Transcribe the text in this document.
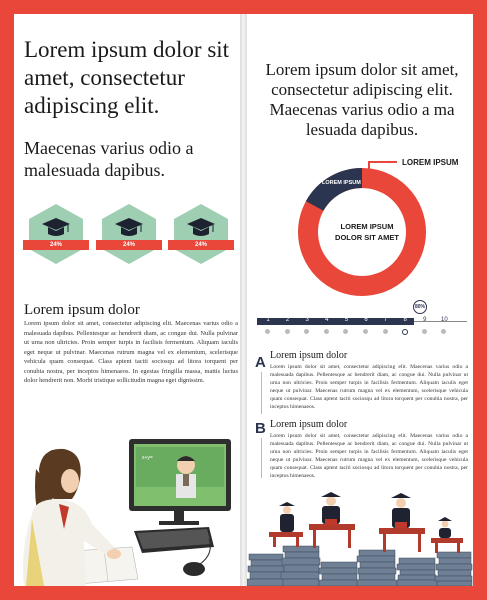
Lorem ipsum dolor sit amet, consectetur adipiscing elit.
Maecenas varius odio a malesuada dapibus.
24%	24%	24%
Lorem ipsum dolor
Lorem ipsum dolor sit amet, consectetur adipiscing elit. Maecenas varius odio a malesuada dapibus. Pellentesque ac hendrerit diam, ac congue dui. Nulla pulvinar ut urna non ultricies. Proin semper turpis in facilisis fermentum. Aliquam iaculis eget neque ut pulvinar. Maecenas rutrum magna vel ex elementum, scelerisque vehicula quam consequat. Class aptent taciti sociosqu ad litora torquent per conubia nostra, per inceptos himenaeos. In egestas fringilla massa, mattis luctus dolor hendrerit non. Morbi tristique sollicitudin magna eget dignissim.
x+y=
Lorem ipsum dolor sit amet, consectetur adipiscing elit. Maecenas varius odio a ma lesuada dapibus.
LOREM IPSUM
LOREM IPSUM
LOREM IPSUM DOLOR SIT AMET
80%
1	2	3	4	5	6	7	8	9	10
A Lorem ipsum dolor
Lorem ipsum dolor sit amet, consectetur adipiscing elit. Maecenas varius odio a malesuada dapibus. Pellentesque ac hendrerit diam, ac congue dui. Nulla pulvinar ut urna non ultricies. Proin semper turpis in facilisis fermentum. Aliquam iaculis eget neque ut pulvinar. Maecenas rutrum magna vel ex elementum, scelerisque vehicula quam consequat. Class aptent taciti sociosqu ad litora torquent per conubia nostra, per inceptos himenaeos.
B Lorem ipsum dolor
Lorem ipsum dolor sit amet, consectetur adipiscing elit. Maecenas varius odio a malesuada dapibus. Pellentesque ac hendrerit diam, ac congue dui. Nulla pulvinar ut urna non ultricies. Proin semper turpis in facilisis fermentum. Aliquam iaculis eget neque ut pulvinar. Maecenas rutrum magna vel ex elementum, scelerisque vehicula quam consequat. Class aptent taciti sociosqu ad litora torquent per conubia nostra, per inceptos himenaeos.
